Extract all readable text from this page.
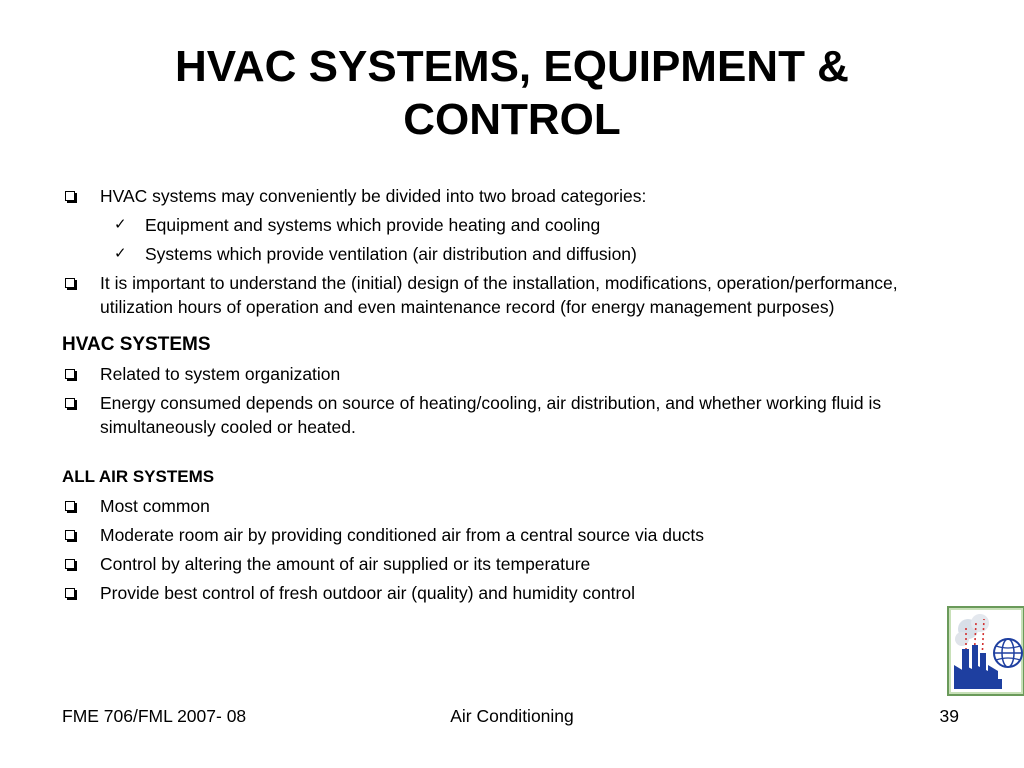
HVAC SYSTEMS, EQUIPMENT &
CONTROL
HVAC systems may conveniently be divided into two broad categories:
✓ Equipment and systems which provide heating and cooling
✓ Systems which provide ventilation (air distribution and diffusion)
It is important to understand the (initial) design of the installation, modifications, operation/performance, utilization hours of operation and even maintenance record (for energy management purposes)
HVAC SYSTEMS
Related to system organization
Energy consumed depends on source of heating/cooling, air distribution, and whether working fluid is simultaneously cooled or heated.
ALL AIR SYSTEMS
Most common
Moderate room air by providing conditioned air from a central source via ducts
Control by altering the amount of air supplied or its temperature
Provide best control of fresh outdoor air (quality) and humidity control
FME 706/FML 2007- 08	Air Conditioning	39
